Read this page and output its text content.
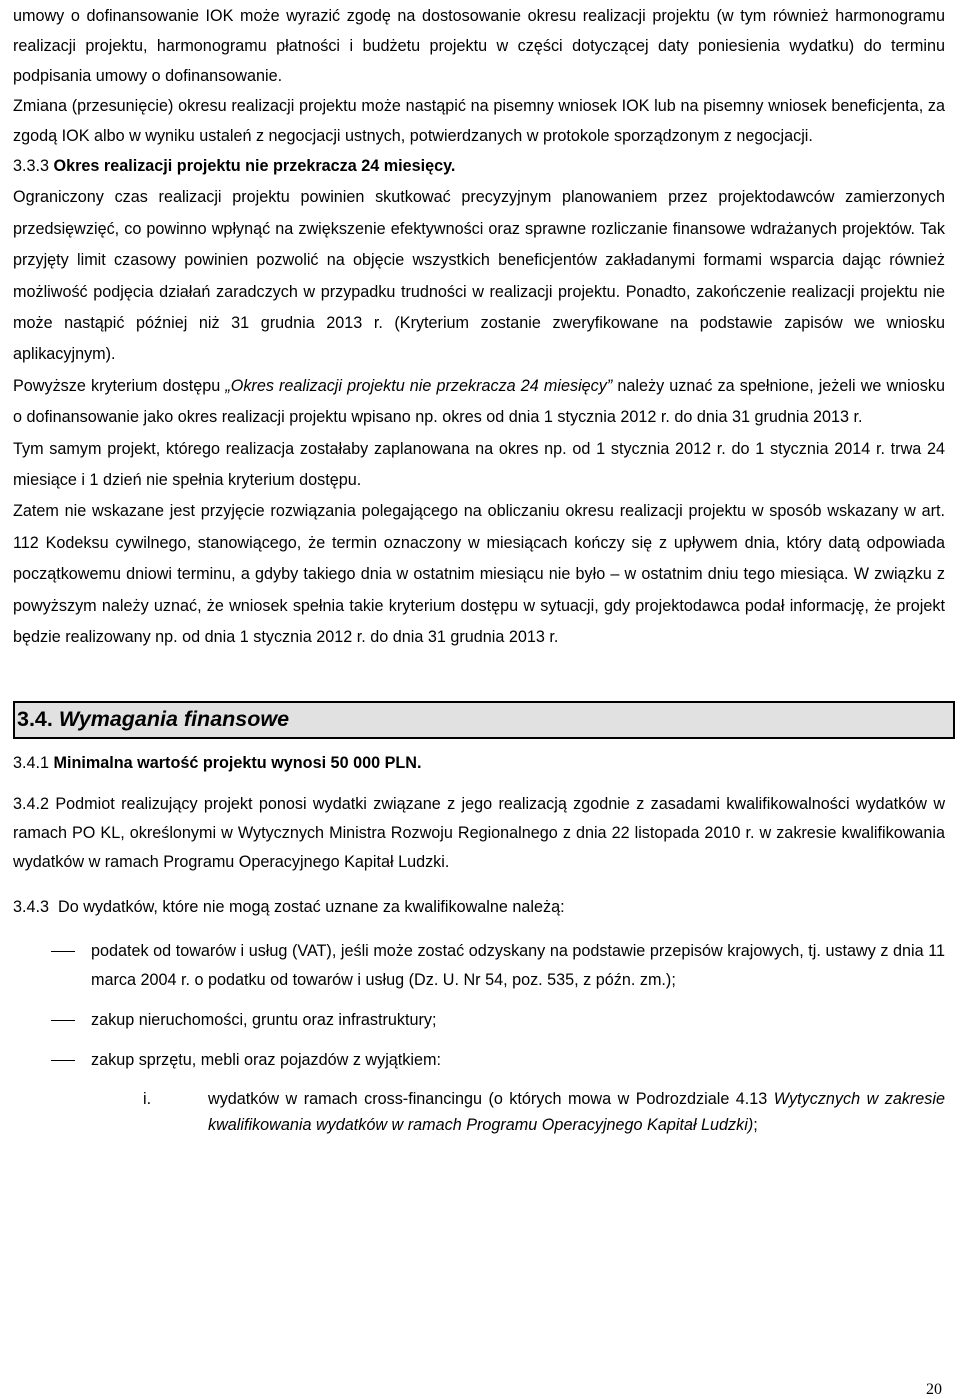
umowy o dofinansowanie IOK może wyrazić zgodę na dostosowanie okresu realizacji projektu (w tym również harmonogramu realizacji projektu, harmonogramu płatności i budżetu projektu w części dotyczącej daty poniesienia wydatku) do terminu podpisania umowy o dofinansowanie.

Zmiana (przesunięcie) okresu realizacji projektu może nastąpić na pisemny wniosek IOK lub na pisemny wniosek beneficjenta, za zgodą IOK albo w wyniku ustaleń z negocjacji ustnych, potwierdzanych w protokole sporządzonym z negocjacji.

3.3.3 Okres realizacji projektu nie przekracza 24 miesięcy.

Ograniczony czas realizacji projektu powinien skutkować precyzyjnym planowaniem przez projektodawców zamierzonych przedsięwzięć, co powinno wpłynąć na zwiększenie efektywności oraz sprawne rozliczanie finansowe wdrażanych projektów. Tak przyjęty limit czasowy powinien pozwolić na objęcie wszystkich beneficjentów zakładanymi formami wsparcia dając również możliwość podjęcia działań zaradczych w przypadku trudności w realizacji projektu. Ponadto, zakończenie realizacji projektu nie może nastąpić później niż 31 grudnia 2013 r. (Kryterium zostanie zweryfikowane na podstawie zapisów we wniosku aplikacyjnym).

Powyższe kryterium dostępu „Okres realizacji projektu nie przekracza 24 miesięcy” należy uznać za spełnione, jeżeli we wniosku o dofinansowanie jako okres realizacji projektu wpisano np. okres od dnia 1 stycznia 2012 r. do dnia 31 grudnia 2013 r.

Tym samym projekt, którego realizacja zostałaby zaplanowana na okres np. od 1 stycznia 2012 r. do 1 stycznia 2014 r. trwa 24 miesiące i 1 dzień nie spełnia kryterium dostępu.

Zatem nie wskazane jest przyjęcie rozwiązania polegającego na obliczaniu okresu realizacji projektu w sposób wskazany w art. 112 Kodeksu cywilnego, stanowiącego, że termin oznaczony w miesiącach kończy się z upływem dnia, który datą odpowiada początkowemu dniowi terminu, a gdyby takiego dnia w ostatnim miesiącu nie było – w ostatnim dniu tego miesiąca. W związku z powyższym należy uznać, że wniosek spełnia takie kryterium dostępu w sytuacji, gdy projektodawca podał informację, że projekt będzie realizowany np. od dnia 1 stycznia 2012 r. do dnia 31 grudnia 2013 r.

3.4. Wymagania finansowe

3.4.1 Minimalna wartość projektu wynosi 50 000 PLN.

3.4.2 Podmiot realizujący projekt ponosi wydatki związane z jego realizacją zgodnie z zasadami kwalifikowalności wydatków w ramach PO KL, określonymi w Wytycznych Ministra Rozwoju Regionalnego z dnia 22 listopada 2010 r. w zakresie kwalifikowania wydatków w ramach Programu Operacyjnego Kapitał Ludzki.

3.4.3 Do wydatków, które nie mogą zostać uznane za kwalifikowalne należą:

podatek od towarów i usług (VAT), jeśli może zostać odzyskany na podstawie przepisów krajowych, tj. ustawy z dnia 11 marca 2004 r. o podatku od towarów i usług (Dz. U. Nr 54, poz. 535, z późn. zm.);
zakup nieruchomości, gruntu oraz infrastruktury;
zakup sprzętu, mebli oraz pojazdów z wyjątkiem:
i.	wydatków w ramach cross-financingu (o których mowa w Podrozdziale 4.13 Wytycznych w zakresie kwalifikowania wydatków w ramach Programu Operacyjnego Kapitał Ludzki);
20
